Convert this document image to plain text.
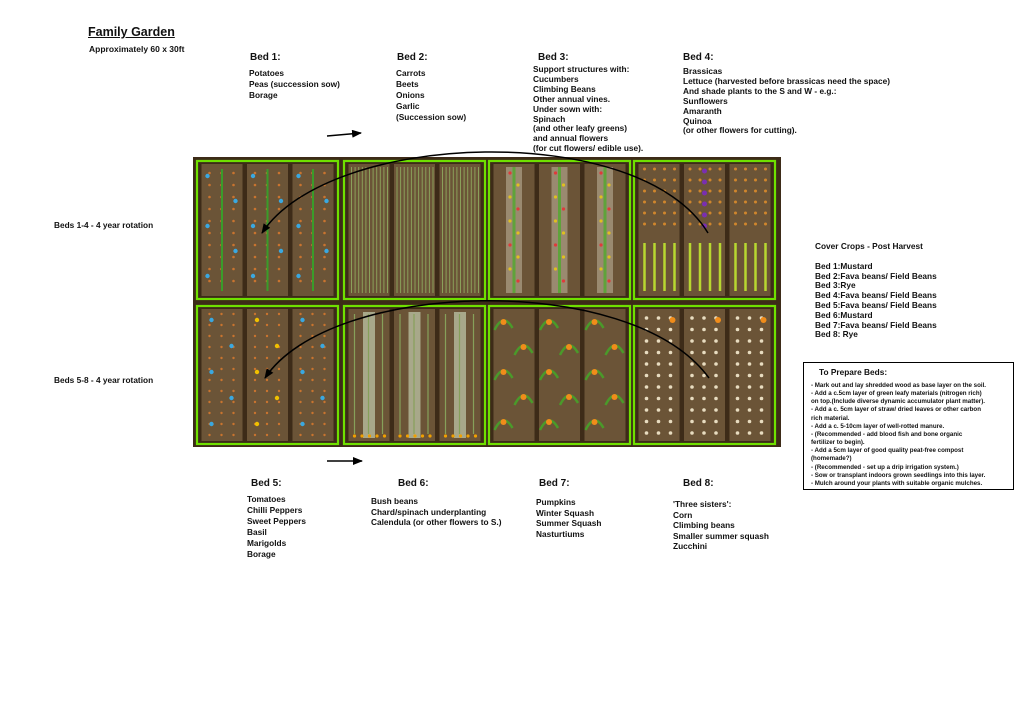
Family Garden
Approximately 60 x 30ft
Bed 1:
Potatoes
Peas (succession sow)
Borage
Bed 2:
Carrots
Beets
Onions
Garlic
(Succession sow)
Bed 3:
Support structures with:
Cucumbers
Climbing Beans
Other annual vines.
Under sown with:
Spinach
(and other leafy greens)
and annual flowers
(for cut flowers/ edible use).
Bed 4:
Brassicas
Lettuce (harvested before brassicas need the space)
And shade plants to the S and W - e.g.:
Sunflowers
Amaranth
Quinoa
(or other flowers for cutting).
Beds 1-4 - 4 year rotation
Beds 5-8 - 4 year rotation
Bed 5:
Tomatoes
Chilli Peppers
Sweet Peppers
Basil
Marigolds
Borage
Bed 6:
Bush beans
Chard/spinach underplanting
Calendula (or other flowers to S.)
Bed 7:
Pumpkins
Winter Squash
Summer Squash
Nasturtiums
Bed 8:
'Three sisters':
Corn
Climbing beans
Smaller summer squash
Zucchini
Cover Crops - Post Harvest
Bed 1:Mustard
Bed 2:Fava beans/ Field Beans
Bed 3:Rye
Bed 4:Fava beans/ Field Beans
Bed 5:Fava beans/ Field Beans
Bed 6:Mustard
Bed 7:Fava beans/ Field Beans
Bed 8: Rye
To Prepare Beds:
- Mark out and lay shredded wood as base layer on the soil.
- Add a c.5cm layer of green leafy materials (nitrogen rich)
on top.(Include diverse dynamic accumulator plant matter).
- Add a c. 5cm layer of straw/ dried leaves or other carbon
rich material.
- Add a c. 5-10cm layer of well-rotted manure.
- (Recommended - add blood fish and bone organic
fertilizer to begin).
- Add a 5cm layer of good quality peat-free compost
(homemade?)
- (Recommended - set up a drip irrigation system.)
- Sow or transplant indoors grown seedlings into this layer.
- Mulch around your plants with suitable organic mulches.
